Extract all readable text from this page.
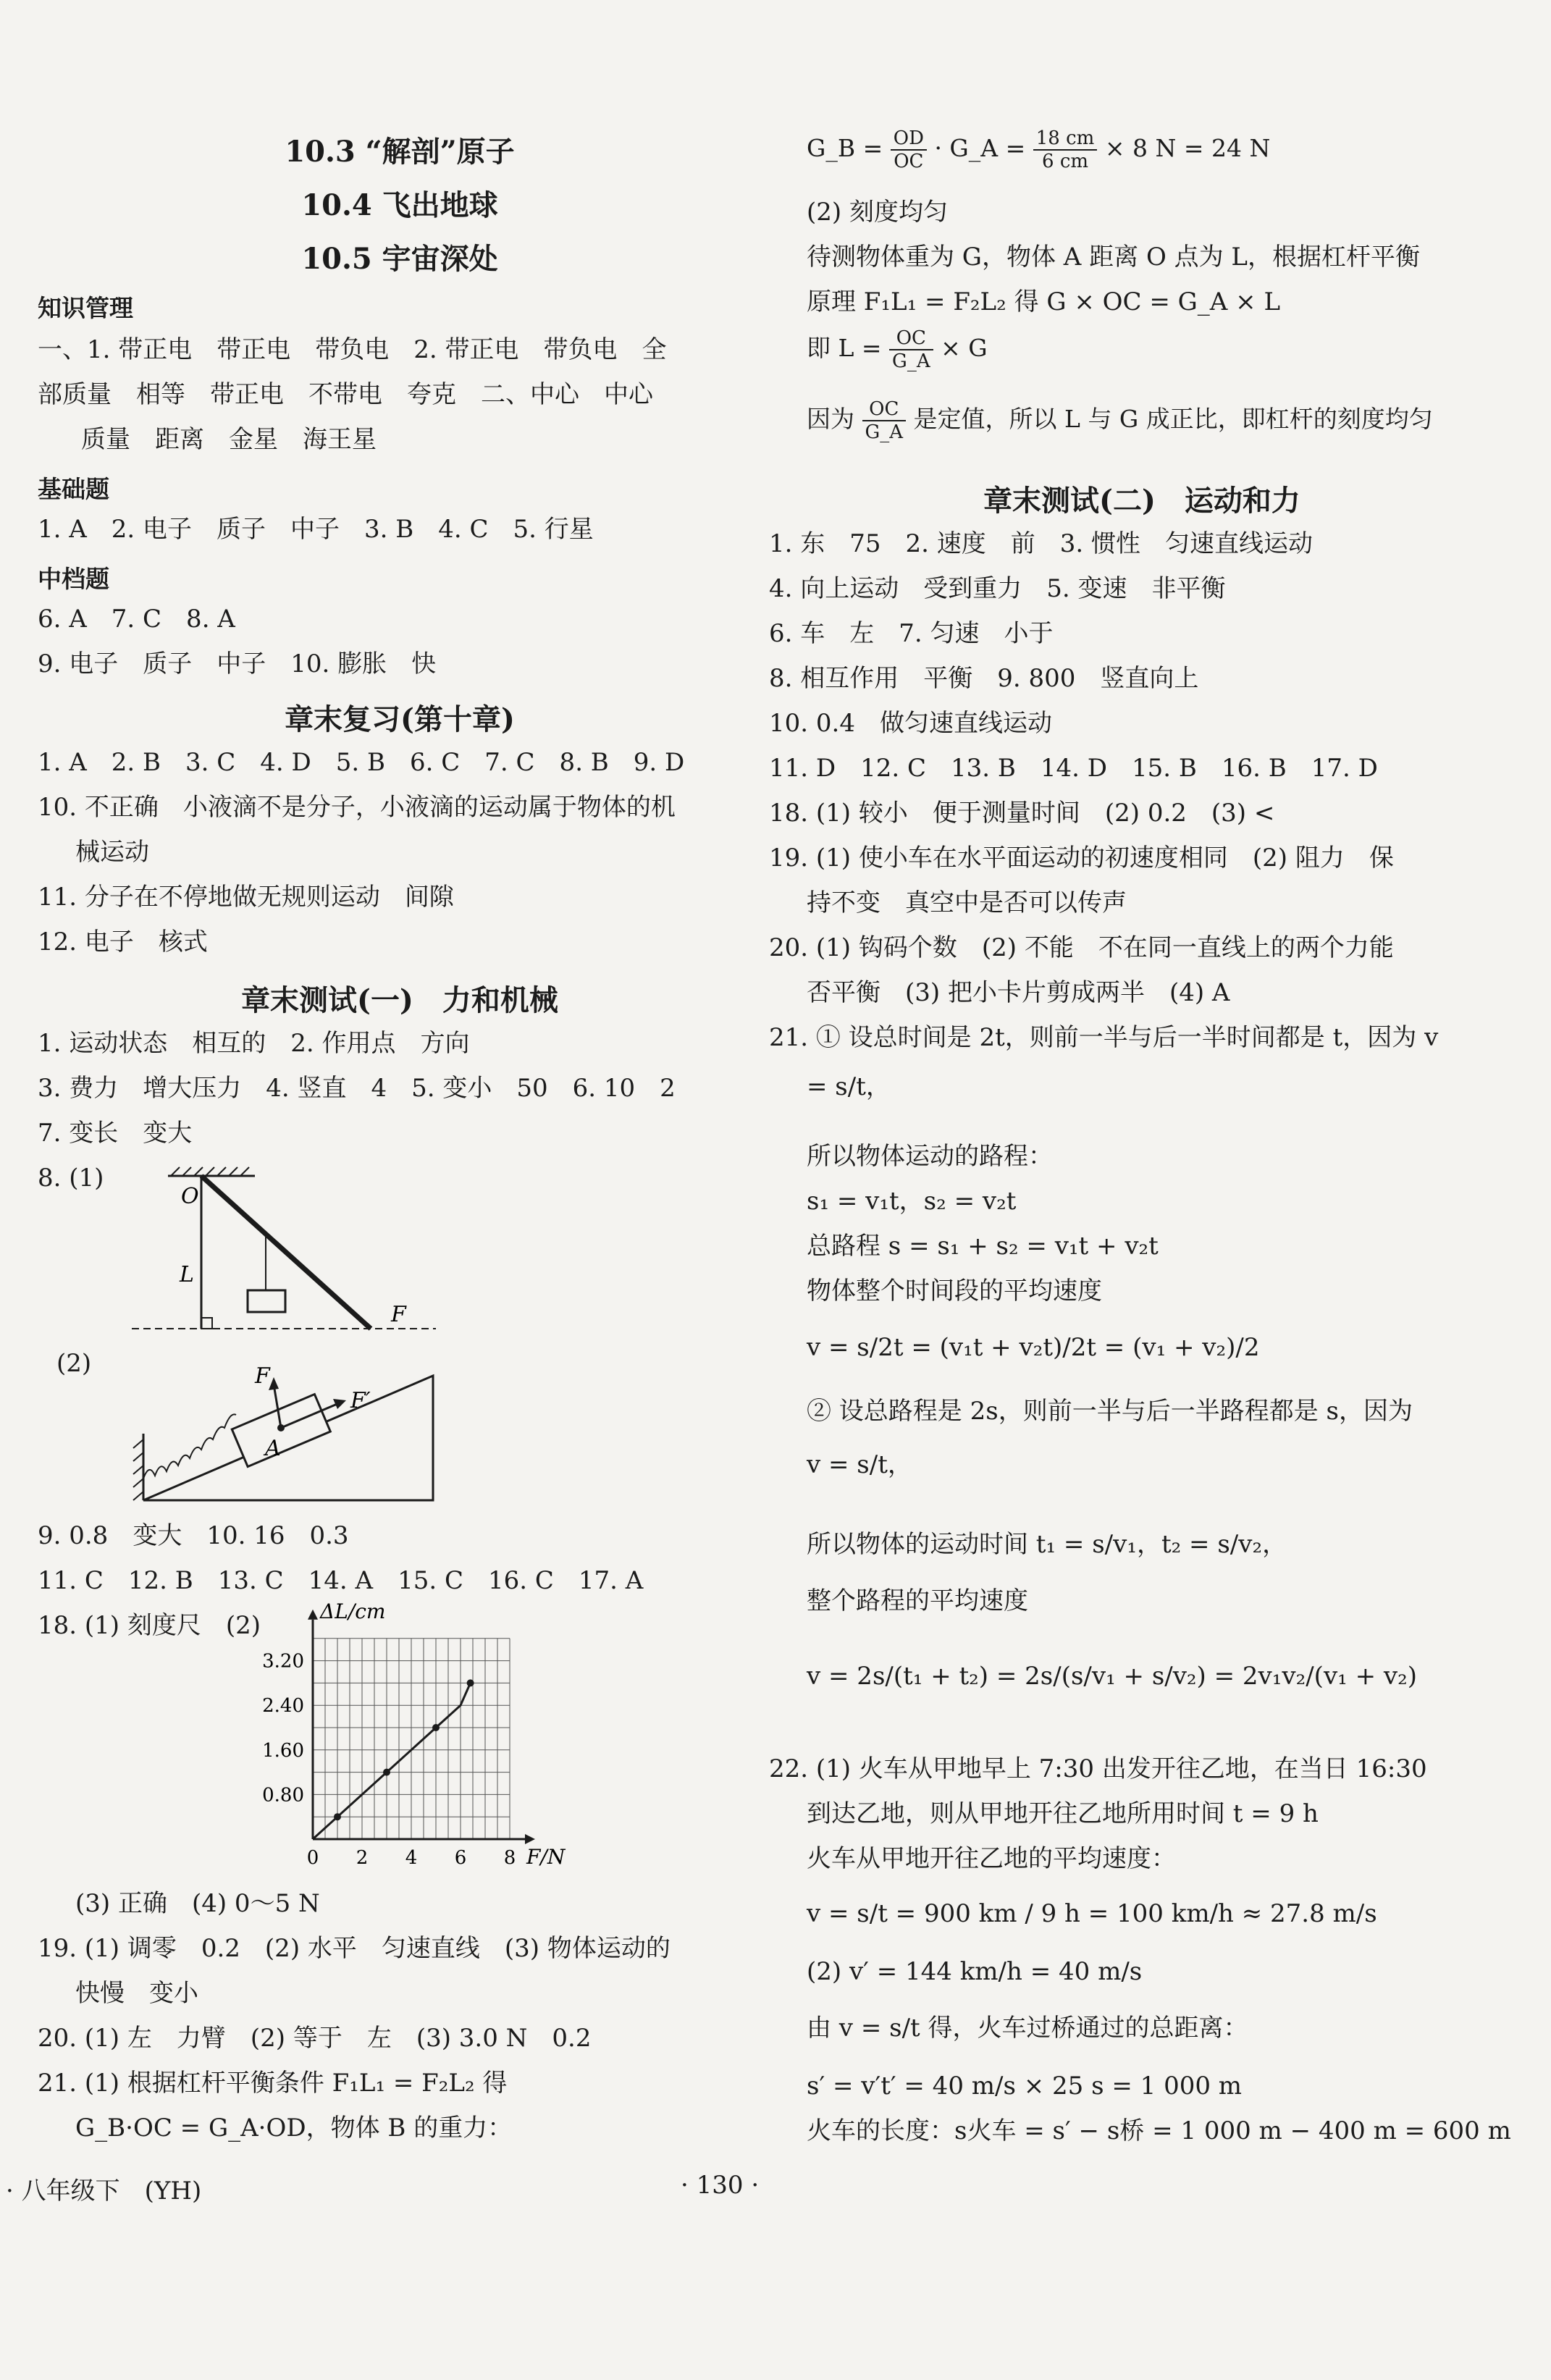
10.3 “解剖”原子
10.4 飞出地球
10.5 宇宙深处
知识管理
一、1. 带正电　带正电　带负电　2. 带正电　带负电　全
部质量　相等　带正电　不带电　夸克　二、中心　中心
质量　距离　金星　海王星
基础题
1. A　2. 电子　质子　中子　3. B　4. C　5. 行星
中档题
6. A　7. C　8. A
9. 电子　质子　中子　10. 膨胀　快
章末复习(第十章)
1. A　2. B　3. C　4. D　5. B　6. C　7. C　8. B　9. D
10. 不正确　小液滴不是分子，小液滴的运动属于物体的机
械运动
11. 分子在不停地做无规则运动　间隙
12. 电子　核式
章末测试(一)　力和机械
1. 运动状态　相互的　2. 作用点　方向
3. 费力　增大压力　4. 竖直　4　5. 变小　50　6. 10　2
7. 变长　变大
8. (1)
O
L
F
(2)	F
F′
A
9. 0.8　变大　10. 16　0.3
11. C　12. B　13. C　14. A　15. C　16. C　17. A
18. (1) 刻度尺　(2)
0 2 4 6 8
0.80
1.60
2.40
3.20
ΔL/cm
F/N
(3) 正确　(4) 0～5 N
19. (1) 调零　0.2　(2) 水平　匀速直线　(3) 物体运动的
快慢　变小
20. (1) 左　力臂　(2) 等于　左　(3) 3.0 N　0.2
21. (1) 根据杠杆平衡条件 F₁L₁ = F₂L₂ 得
G_B·OC = G_A·OD，物体 B 的重力：
G_B = $\frac{OD}{OC}$ · G_A = $\frac{18 cm}{6 cm} \times 8$ N = 24 N
(2) 刻度均匀
待测物体重为 G，物体 A 距离 O 点为 L，根据杠杆平衡
原理 F₁L₁ = F₂L₂ 得 G × OC = G_A × L
即 $L = \frac{OC}{G\_A} \times G$
因为 $\frac{OC}{G\_A}$ 是定值，所以 L 与 G 成正比，即杠杆的刻度均匀
章末测试(二)　运动和力
1. 东　75　2. 速度　前　3. 惯性　匀速直线运动
4. 向上运动　受到重力　5. 变速　非平衡
6. 车　左　7. 匀速　小于
8. 相互作用　平衡　9. 800　竖直向上
10. 0.4　做匀速直线运动
11. D　12. C　13. B　14. D　15. B　16. B　17. D
18. (1) 较小　便于测量时间　(2) 0.2　(3) <
19. (1) 使小车在水平面运动的初速度相同　(2) 阻力　保
持不变　真空中是否可以传声
20. (1) 钩码个数　(2) 不能　不在同一直线上的两个力能
否平衡　(3) 把小卡片剪成两半　(4) A
21. ① 设总时间是 2t，则前一半与后一半时间都是 t，因为 v
= s/t，
所以物体运动的路程：
s₁ = v₁t，s₂ = v₂t
总路程 s = s₁ + s₂ = v₁t + v₂t
物体整个时间段的平均速度
v = s/2t = (v₁t + v₂t)/2t = (v₁ + v₂)/2
② 设总路程是 2s，则前一半与后一半路程都是 s，因为
v = s/t，
所以物体的运动时间 t₁ = s/v₁，t₂ = s/v₂，
整个路程的平均速度
v = 2s/(t₁ + t₂) = 2s/(s/v₁ + s/v₂) = 2v₁v₂/(v₁ + v₂)
22. (1) 火车从甲地早上 7:30 出发开往乙地，在当日 16:30
到达乙地，则从甲地开往乙地所用时间 t = 9 h
火车从甲地开往乙地的平均速度：
v = s/t = 900 km / 9 h = 100 km/h ≈ 27.8 m/s
(2) v′ = 144 km/h = 40 m/s
由 v = s/t 得，火车过桥通过的总距离：
s′ = v′t′ = 40 m/s × 25 s = 1 000 m
火车的长度：s火车 = s′ − s桥 = 1 000 m − 400 m = 600 m
· 八年级下　(YH)	· 130 ·
